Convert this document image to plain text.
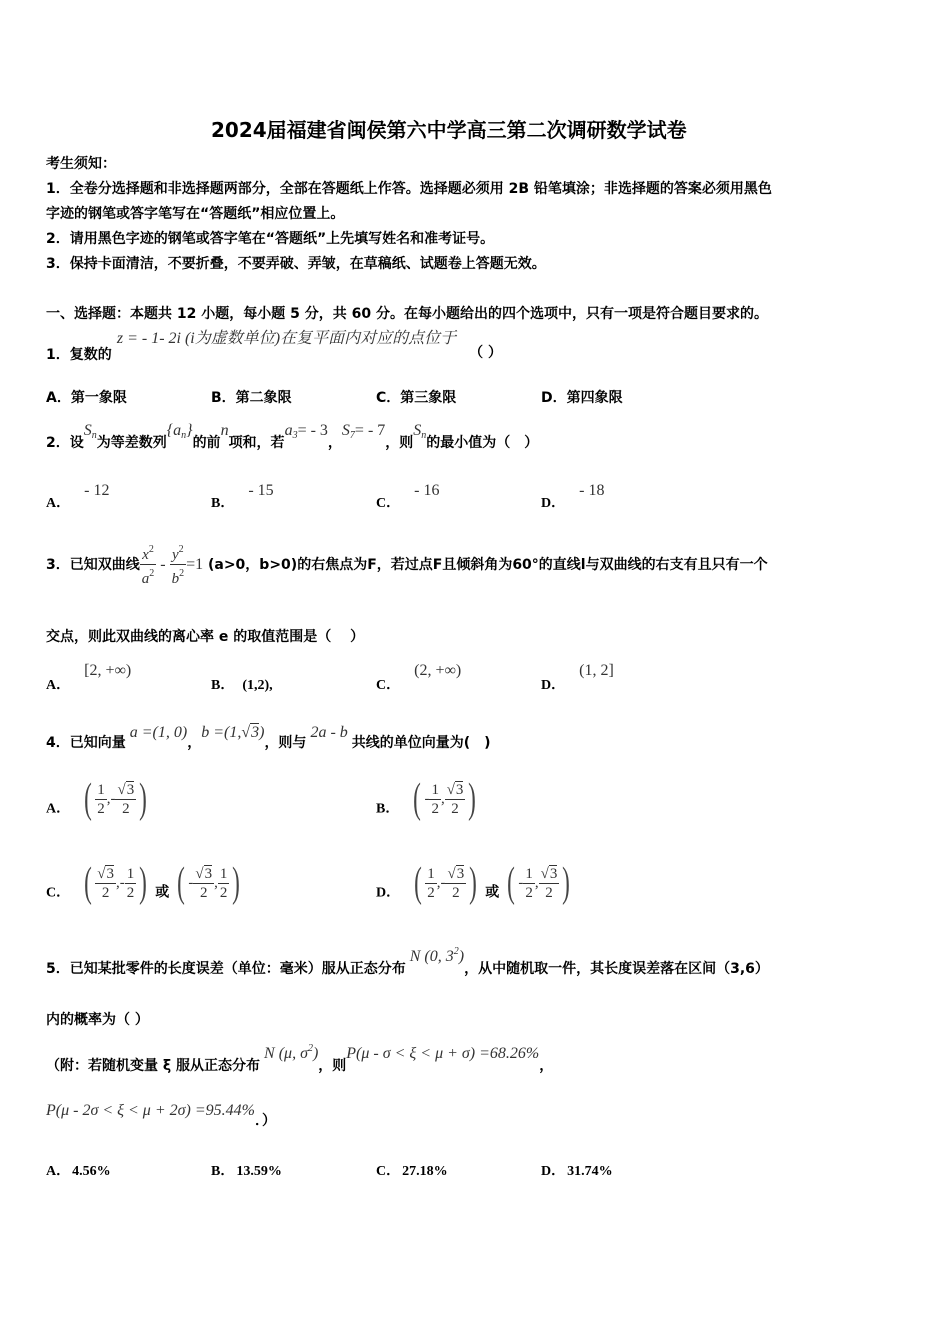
2024届福建省闽侯第六中学高三第二次调研数学试卷
考生须知：
1．全卷分选择题和非选择题两部分，全部在答题纸上作答。选择题必须用 2B 铅笔填涂；非选择题的答案必须用黑色
字迹的钢笔或答字笔写在“答题纸”相应位置上。
2．请用黑色字迹的钢笔或答字笔在“答题纸”上先填写姓名和准考证号。
3．保持卡面清洁，不要折叠，不要弄破、弄皱，在草稿纸、试题卷上答题无效。
一、选择题：本题共 12 小题，每小题 5 分，共 60 分。在每小题给出的四个选项中，只有一项是符合题目要求的。
1．复数的 z = - 1- 2i (i为虚数单位)在复平面内对应的点位于 （ ）
A．第一象限	B．第二象限	C．第三象限	D．第四象限
2．设$S_n$为等差数列$\{a_n\}$的前n项和，若$a_3= - 3$，$S_7= - 7$，则$S_n$的最小值为（　）
A．- 12
B．- 15
C．- 16
D．- 18
3．已知双曲线 $\frac{x^2}{a^2} - \frac{y^2}{b^2} =1$ (a>0，b>0)的右焦点为F，若过点F且倾斜角为60°的直线l与双曲线的右支有且只有一个
交点，则此双曲线的离心率 e 的取值范围是（　 ）
A．[2, +∞)
B． (1,2),	C．(2, +∞)
D．(1, 2]
4．已知向量a =(1, 0)，b =(1,√3)，则与2a - b共线的单位向量为(　)
A． ( $\frac{1}{2}$ , - $\frac{√3}{2}$ )	B． ( - $\frac{1}{2}$ , $\frac{√3}{2}$ )
C． ( $\frac{√3}{2}$ , - $\frac{1}{2}$ ) 或 ( - $\frac{√3}{2}$ , $\frac{1}{2}$ )	D． ( $\frac{1}{2}$ , - $\frac{√3}{2}$ ) 或 ( - $\frac{1}{2}$ , $\frac{√3}{2}$ )
5．已知某批零件的长度误差（单位：毫米）服从正态分布N (0, $3^2$)，从中随机取一件，其长度误差落在区间（3,6）
内的概率为（ ）
（附：若随机变量 ξ 服从正态分布N (μ, $\sigma^2$)，则P(μ - σ < ξ < μ + σ) =68.26%，
P(μ - 2σ < ξ < μ + 2σ) =95.44%．）
A． 4.56%	B． 13.59%	C． 27.18%	D． 31.74%
